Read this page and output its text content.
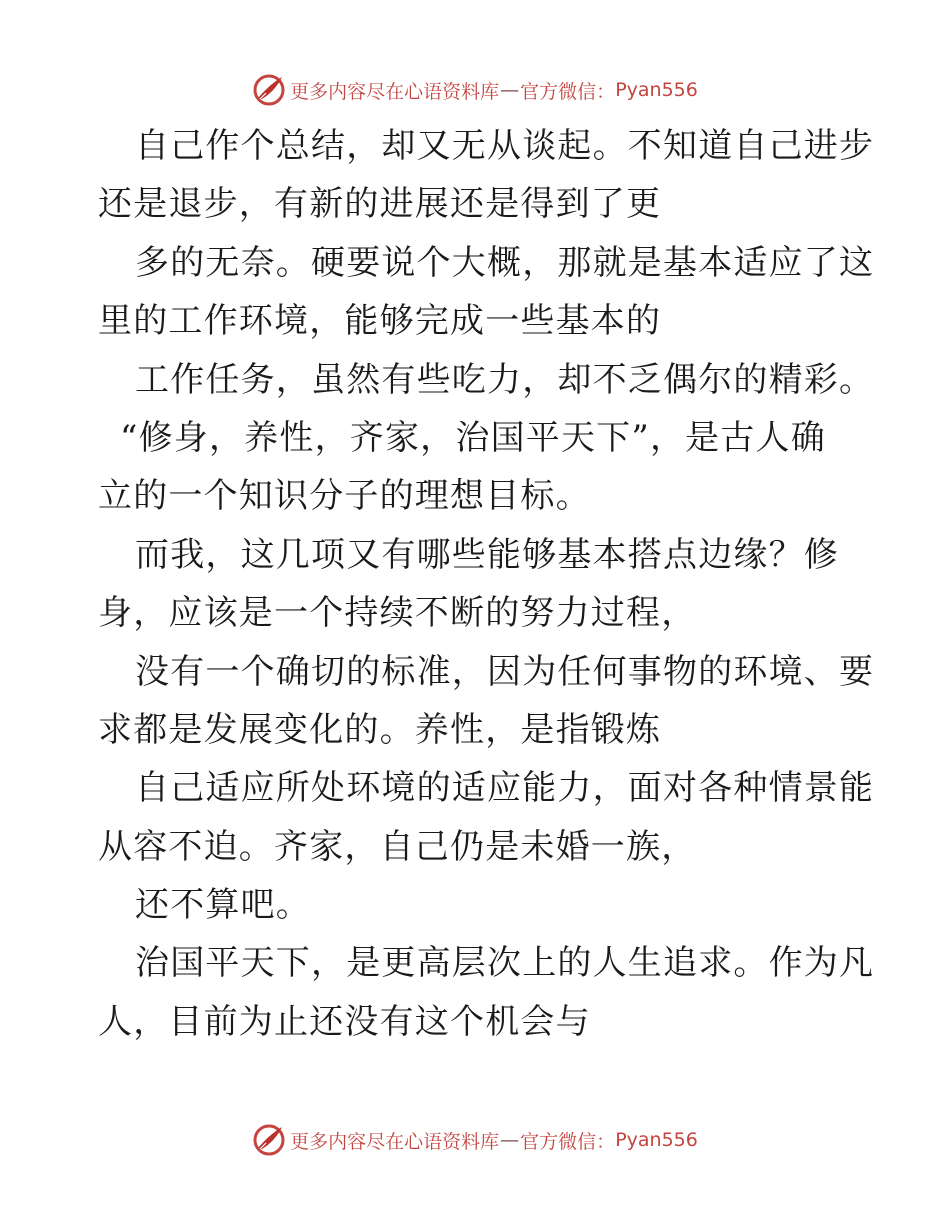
更多内容尽在心语资料库 — 官方微信： Pyan556
自己作个总结，却又无从谈起。不知道自己进步
还是退步，有新的进展还是得到了更
多的无奈。硬要说个大概，那就是基本适应了这
里的工作环境，能够完成一些基本的
工作任务，虽然有些吃力，却不乏偶尔的精彩。
“修身，养性，齐家，治国平天下”，是古人确
立的一个知识分子的理想目标。
而我，这几项又有哪些能够基本搭点边缘？修
身，应该是一个持续不断的努力过程，
没有一个确切的标准，因为任何事物的环境、要
求都是发展变化的。养性，是指锻炼
自己适应所处环境的适应能力，面对各种情景能
从容不迫。齐家，自己仍是未婚一族，
还不算吧。
治国平天下，是更高层次上的人生追求。作为凡
人，目前为止还没有这个机会与
更多内容尽在心语资料库 — 官方微信： Pyan556
